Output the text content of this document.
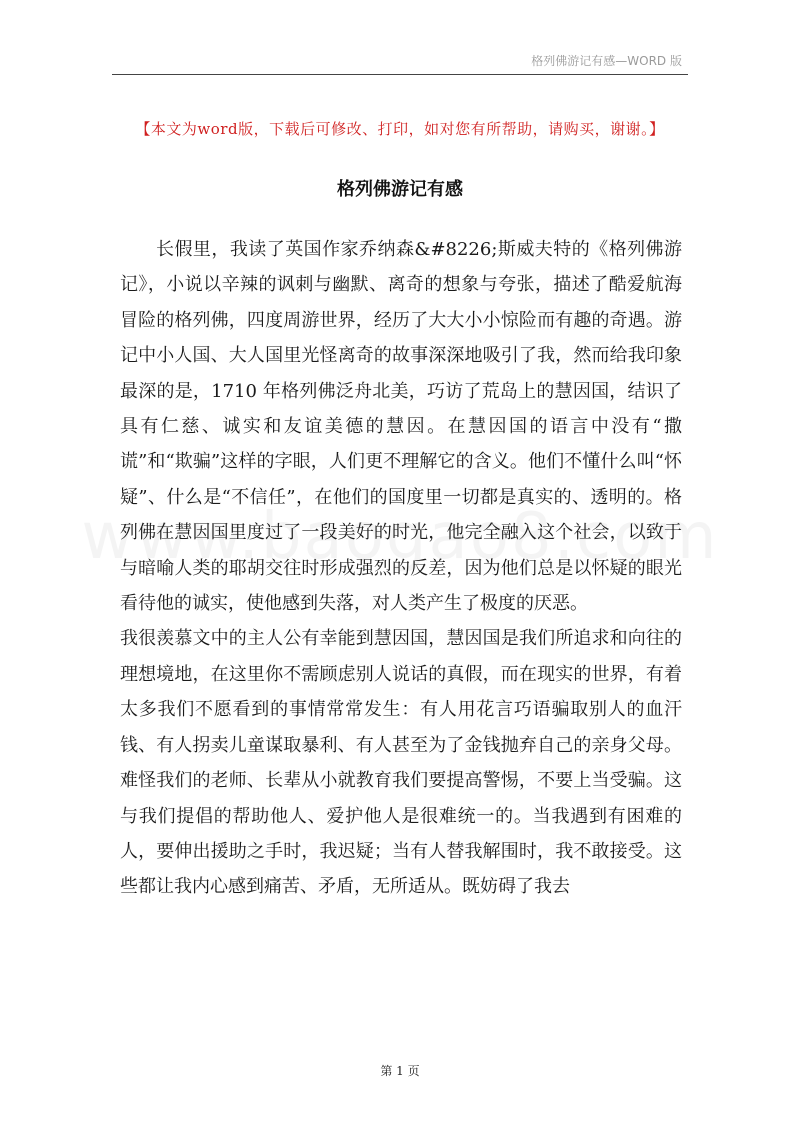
格列佛游记有感—WORD 版
【本文为word版，下载后可修改、打印，如对您有所帮助，请购买，谢谢。】
格列佛游记有感

长假里，我读了英国作家乔纳森&#8226;斯威夫特的《格列佛游记》，小说以辛辣的讽刺与幽默、离奇的想象与夸张，描述了酷爱航海冒险的格列佛，四度周游世界，经历了大大小小惊险而有趣的奇遇。游记中小人国、大人国里光怪离奇的故事深深地吸引了我，然而给我印象最深的是，1710 年格列佛泛舟北美，巧访了荒岛上的慧因国，结识了具有仁慈、诚实和友谊美德的慧因。在慧因国的语言中没有“撒谎”和“欺骗”这样的字眼，人们更不理解它的含义。他们不懂什么叫“怀疑”、什么是“不信任”，在他们的国度里一切都是真实的、透明的。格列佛在慧因国里度过了一段美好的时光，他完全融入这个社会，以致于与暗喻人类的耶胡交往时形成强烈的反差，因为他们总是以怀疑的眼光看待他的诚实，使他感到失落，对人类产生了极度的厌恶。

我很羡慕文中的主人公有幸能到慧因国，慧因国是我们所追求和向往的理想境地，在这里你不需顾虑别人说话的真假，而在现实的世界，有着太多我们不愿看到的事情常常发生：有人用花言巧语骗取别人的血汗钱、有人拐卖儿童谋取暴利、有人甚至为了金钱抛弃自己的亲身父母。难怪我们的老师、长辈从小就教育我们要提高警惕，不要上当受骗。这与我们提倡的帮助他人、爱护他人是很难统一的。当我遇到有困难的人，要伸出援助之手时，我迟疑；当有人替我解围时，我不敢接受。这些都让我内心感到痛苦、矛盾，无所适从。既妨碍了我去

第 1 页
